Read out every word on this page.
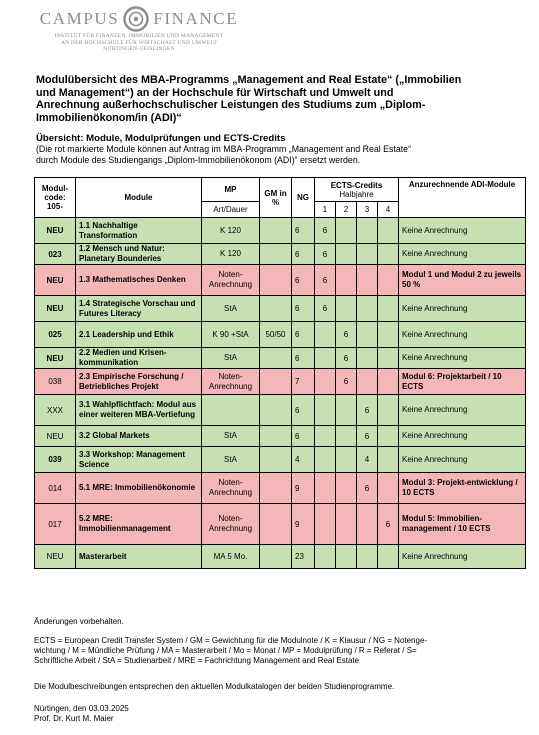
CAMPUS FINANCE
INSTITUT FÜR FINANZEN, IMMOBILIEN UND MANAGEMENT
AN DER HOCHSCHULE FÜR WIRTSCHAFT UND UMWELT
NÜRTINGEN-GEISLINGEN
Modulübersicht des MBA-Programms „Management and Real Estate“ („Immobilien
und Management“) an der Hochschule für Wirtschaft und Umwelt und
Anrechnung außerhochschulischer Leistungen des Studiums zum „Diplom-
Immobilienökonom/in (ADI)“
Übersicht: Module, Modulprüfungen und ECTS-Credits
(Die rot markierte Module können auf Antrag im MBA-Programm „Management and Real Estate“
durch Module des Studiengangs „Diplom-Immobilienökonom (ADI)“ ersetzt werden.
Modul-code: 105-	Module	MP	GM in %	NG	ECTS-Credits
Halbjahre				Anzurechnende ADI-Module
		Art/Dauer			1	2	3	4	
NEU	1.1 Nachhaltige Transformation	K 120		6	6				Keine Anrechnung
023	1.2 Mensch und Natur: Planetary Bounderies	K 120		6	6				Keine Anrechnung
NEU	1.3 Mathematisches Denken	Noten-Anrechnung		6	6				Modul 1 und Modul 2 zu jeweils 50 %
NEU	1.4 Strategische Vorschau und Futures Literacy	StA		6	6				Keine Anrechnung
025	2.1 Leadership und Ethik	K 90 +StA	50/50	6		6			Keine Anrechnung
NEU	2.2 Medien und Krisen-kommunikation	StA		6		6			Keine Anrechnung
038	2.3 Empirische Forschung / Betriebliches Projekt	Noten-Anrechnung		7		6			Modul 6: Projektarbeit / 10 ECTS
XXX	3.1 Wahlpflichtfach: Modul aus einer weiteren MBA-Vertiefung			6			6		Keine Anrechnung
NEU	3.2 Global Markets	StA		6			6		Keine Anrechnung
039	3.3 Workshop: Management Science	StA		4			4		Keine Anrechnung
014	5.1 MRE: Immobilienökonomie	Noten-Anrechnung		9			6		Modul 3: Projekt-entwicklung / 10 ECTS
017	5.2 MRE: Immobilienmanagement	Noten-Anrechnung		9				6	Modul 5: Immobilien-management / 10 ECTS
NEU	Masterarbeit	MA 5 Mo.		23					Keine Anrechnung
Änderungen vorbehalten.
ECTS = European Credit Transfer System / GM = Gewichtung für die Modulnote / K = Klausur / NG = Notenge-
wichtung / M = Mündliche Prüfung / MA = Masterarbeit / Mo = Monat / MP = Modulprüfung / R = Referat / S=
Schriftliche Arbeit / StA = Studienarbeit / MRE = Fachrichtung Management and Real Estate
Die Modulbeschreibungen entsprechen den aktuellen Modulkatalogen der beiden Studienprogramme.
Nürtingen, den 03.03.2025
Prof. Dr. Kurt M. Maier
